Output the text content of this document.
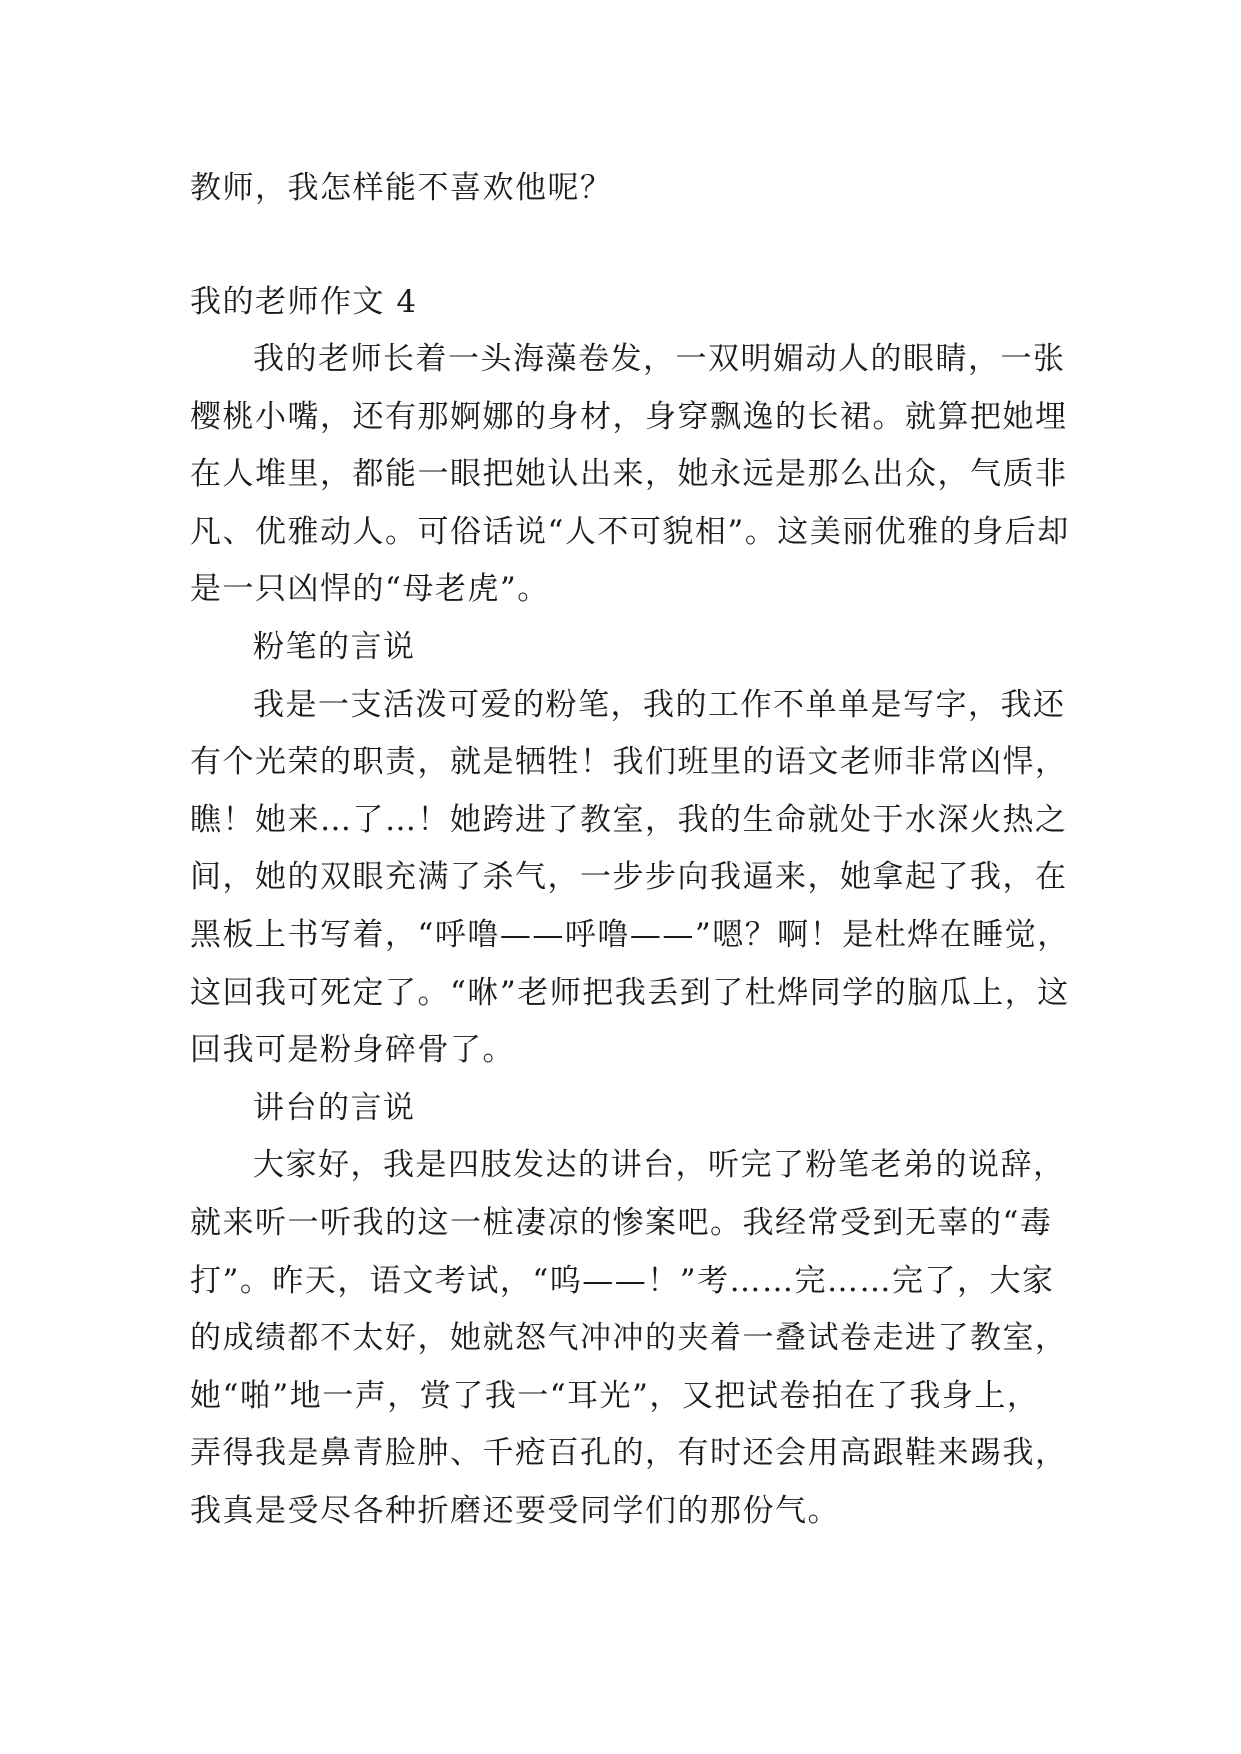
教师，我怎样能不喜欢他呢？

我的老师作文 4

我的老师长着一头海藻卷发，一双明媚动人的眼睛，一张樱桃小嘴，还有那婀娜的身材，身穿飘逸的长裙。就算把她埋在人堆里，都能一眼把她认出来，她永远是那么出众，气质非凡、优雅动人。可俗话说“人不可貌相”。这美丽优雅的身后却是一只凶悍的“母老虎”。

粉笔的言说

我是一支活泼可爱的粉笔，我的工作不单单是写字，我还有个光荣的职责，就是牺牲！我们班里的语文老师非常凶悍，瞧！她来…了…！她跨进了教室，我的生命就处于水深火热之间，她的双眼充满了杀气，一步步向我逼来，她拿起了我，在黑板上书写着，“呼噜——呼噜——”嗯？啊！是杜烨在睡觉，这回我可死定了。“咻”老师把我丢到了杜烨同学的脑瓜上，这回我可是粉身碎骨了。

讲台的言说

大家好，我是四肢发达的讲台，听完了粉笔老弟的说辞，就来听一听我的这一桩凄凉的惨案吧。我经常受到无辜的“毒打”。昨天，语文考试，“呜——！”考……完……完了，大家的成绩都不太好，她就怒气冲冲的夹着一叠试卷走进了教室，她“啪”地一声，赏了我一“耳光”，又把试卷拍在了我身上，弄得我是鼻青脸肿、千疮百孔的，有时还会用高跟鞋来踢我，我真是受尽各种折磨还要受同学们的那份气。
